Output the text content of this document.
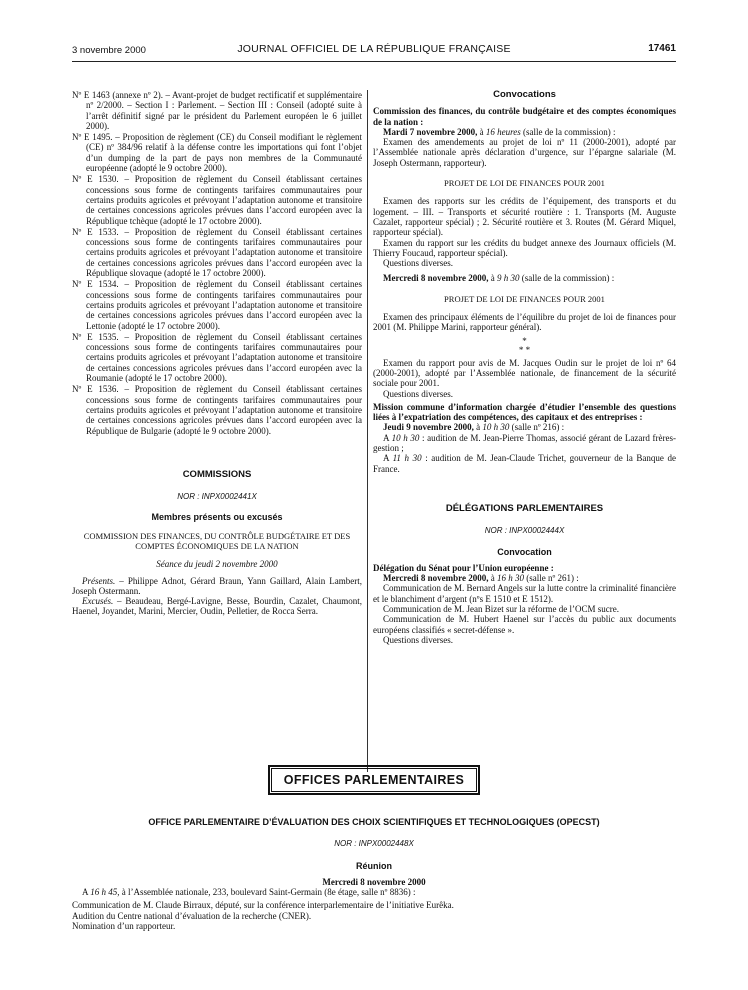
3 novembre 2000	JOURNAL OFFICIEL DE LA RÉPUBLIQUE FRANÇAISE	17461

Nº E 1463 (annexe nº 2). – Avant-projet de budget rectificatif et supplémentaire nº 2/2000. – Section I : Parlement. – Section III : Conseil (adopté suite à l’arrêt définitif signé par le président du Parlement européen le 6 juillet 2000).

Nº E 1495. – Proposition de règlement (CE) du Conseil modifiant le règlement (CE) nº 384/96 relatif à la défense contre les importations qui font l’objet d’un dumping de la part de pays non membres de la Communauté européenne (adopté le 9 octobre 2000).

Nº E 1530. – Proposition de règlement du Conseil établissant certaines concessions sous forme de contingents tarifaires communautaires pour certains produits agricoles et prévoyant l’adaptation autonome et transitoire de certaines concessions agricoles prévues dans l’accord européen avec la République tchèque (adopté le 17 octobre 2000).

Nº E 1533. – Proposition de règlement du Conseil établissant certaines concessions sous forme de contingents tarifaires communautaires pour certains produits agricoles et prévoyant l’adaptation autonome et transitoire de certaines concessions agricoles prévues dans l’accord européen avec la République slovaque (adopté le 17 octobre 2000).

Nº E 1534. – Proposition de règlement du Conseil établissant certaines concessions sous forme de contingents tarifaires communautaires pour certains produits agricoles et prévoyant l’adaptation autonome et transitoire de certaines concessions agricoles prévues dans l’accord européen avec la Lettonie (adopté le 17 octobre 2000).

Nº E 1535. – Proposition de règlement du Conseil établissant certaines concessions sous forme de contingents tarifaires communautaires pour certains produits agricoles et prévoyant l’adaptation autonome et transitoire de certaines concessions agricoles prévues dans l’accord européen avec la Roumanie (adopté le 17 octobre 2000).

Nº E 1536. – Proposition de règlement du Conseil établissant certaines concessions sous forme de contingents tarifaires communautaires pour certains produits agricoles et prévoyant l’adaptation autonome et transitoire de certaines concessions agricoles prévues dans l’accord européen avec la République de Bulgarie (adopté le 9 octobre 2000).

COMMISSIONS

NOR : INPX0002441X

Membres présents ou excusés

COMMISSION DES FINANCES, DU CONTRÔLE BUDGÉTAIRE ET DES COMPTES ÉCONOMIQUES DE LA NATION

Séance du jeudi 2 novembre 2000

Présents. – Philippe Adnot, Gérard Braun, Yann Gaillard, Alain Lambert, Joseph Ostermann.

Excusés. – Beaudeau, Bergé-Lavigne, Besse, Bourdin, Cazalet, Chaumont, Haenel, Joyandet, Marini, Mercier, Oudin, Pelletier, de Rocca Serra.

Convocations

Commission des finances, du contrôle budgétaire et des comptes économiques de la nation :

Mardi 7 novembre 2000, à 16 heures (salle de la commission) :

Examen des amendements au projet de loi nº 11 (2000-2001), adopté par l’Assemblée nationale après déclaration d’urgence, sur l’épargne salariale (M. Joseph Ostermann, rapporteur).

PROJET DE LOI DE FINANCES POUR 2001

Examen des rapports sur les crédits de l’équipement, des transports et du logement. – III. – Transports et sécurité routière : 1. Transports (M. Auguste Cazalet, rapporteur spécial) ; 2. Sécurité routière et 3. Routes (M. Gérard Miquel, rapporteur spécial).

Examen du rapport sur les crédits du budget annexe des Journaux officiels (M. Thierry Foucaud, rapporteur spécial).

Questions diverses.

Mercredi 8 novembre 2000, à 9 h 30 (salle de la commission) :

PROJET DE LOI DE FINANCES POUR 2001

Examen des principaux éléments de l’équilibre du projet de loi de finances pour 2001 (M. Philippe Marini, rapporteur général).

*

* *

Examen du rapport pour avis de M. Jacques Oudin sur le projet de loi nº 64 (2000-2001), adopté par l’Assemblée nationale, de financement de la sécurité sociale pour 2001.

Questions diverses.

Mission commune d’information chargée d’étudier l’ensemble des questions liées à l’expatriation des compétences, des capitaux et des entreprises :

Jeudi 9 novembre 2000, à 10 h 30 (salle nº 216) :

A 10 h 30 : audition de M. Jean-Pierre Thomas, associé gérant de Lazard frères-gestion ;

A 11 h 30 : audition de M. Jean-Claude Trichet, gouverneur de la Banque de France.

DÉLÉGATIONS PARLEMENTAIRES

NOR : INPX0002444X

Convocation

Délégation du Sénat pour l’Union européenne :

Mercredi 8 novembre 2000, à 16 h 30 (salle nº 261) :

Communication de M. Bernard Angels sur la lutte contre la criminalité financière et le blanchiment d’argent (nºs E 1510 et E 1512).

Communication de M. Jean Bizet sur la réforme de l’OCM sucre.

Communication de M. Hubert Haenel sur l’accès du public aux documents européens classifiés « secret-défense ».

Questions diverses.

OFFICES PARLEMENTAIRES

OFFICE PARLEMENTAIRE D’ÉVALUATION DES CHOIX SCIENTIFIQUES ET TECHNOLOGIQUES (OPECST)

NOR : INPX0002448X

Réunion

Mercredi 8 novembre 2000

A 16 h 45, à l’Assemblée nationale, 233, boulevard Saint-Germain (8e étage, salle nº 8836) :

Communication de M. Claude Birraux, député, sur la conférence interparlementaire de l’initiative Eurêka.

Audition du Centre national d’évaluation de la recherche (CNER).

Nomination d’un rapporteur.
